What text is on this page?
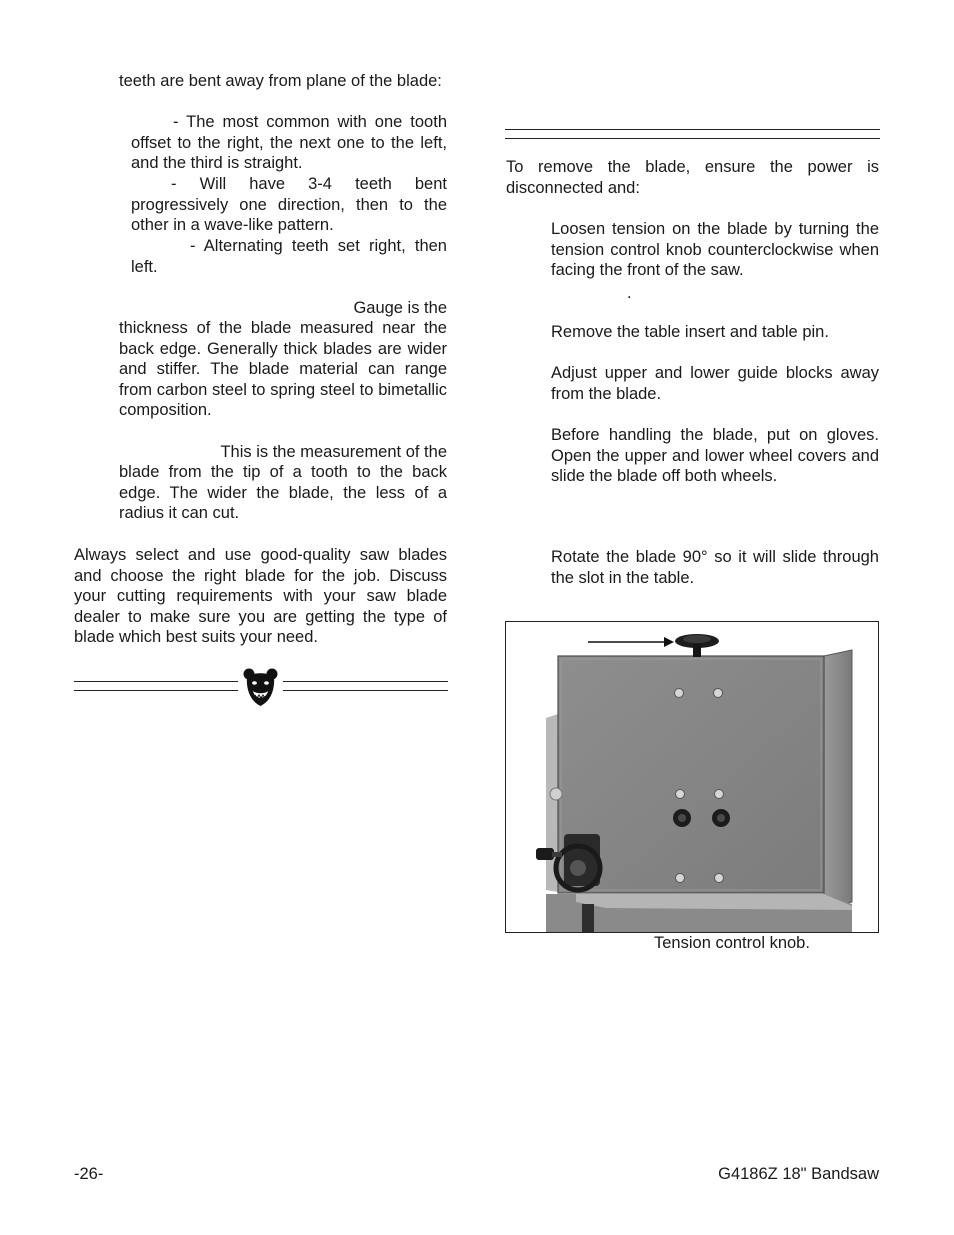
teeth are bent away from plane of the blade:

- The most common with one tooth offset to the right, the next one to the left, and the third is straight.

- Will have 3-4 teeth bent progressively one direction, then to the other in a wave-like pattern.

- Alternating teeth set right, then left.

Gauge is the

thickness of the blade measured near the back edge. Generally thick blades are wider and stiffer. The blade material can range from carbon steel to spring steel to bimetallic composition.

This is the measurement of the

blade from the tip of a tooth to the back edge. The wider the blade, the less of a radius it can cut.

Always select and use good-quality saw blades and choose the right blade for the job. Discuss your cutting requirements with your saw blade dealer to make sure you are getting the type of blade which best suits your need.

To remove the blade, ensure the power is disconnected and:

Loosen tension on the blade by turning the tension control knob counterclockwise when facing the front of the saw.

.

Remove the table insert and table pin.

Adjust upper and lower guide blocks away from the blade.

Before handling the blade, put on gloves. Open the upper and lower wheel covers and slide the blade off both wheels.

Rotate the blade 90° so it will slide through the slot in the table.

Tension control knob.

-26-	G4186Z 18" Bandsaw
